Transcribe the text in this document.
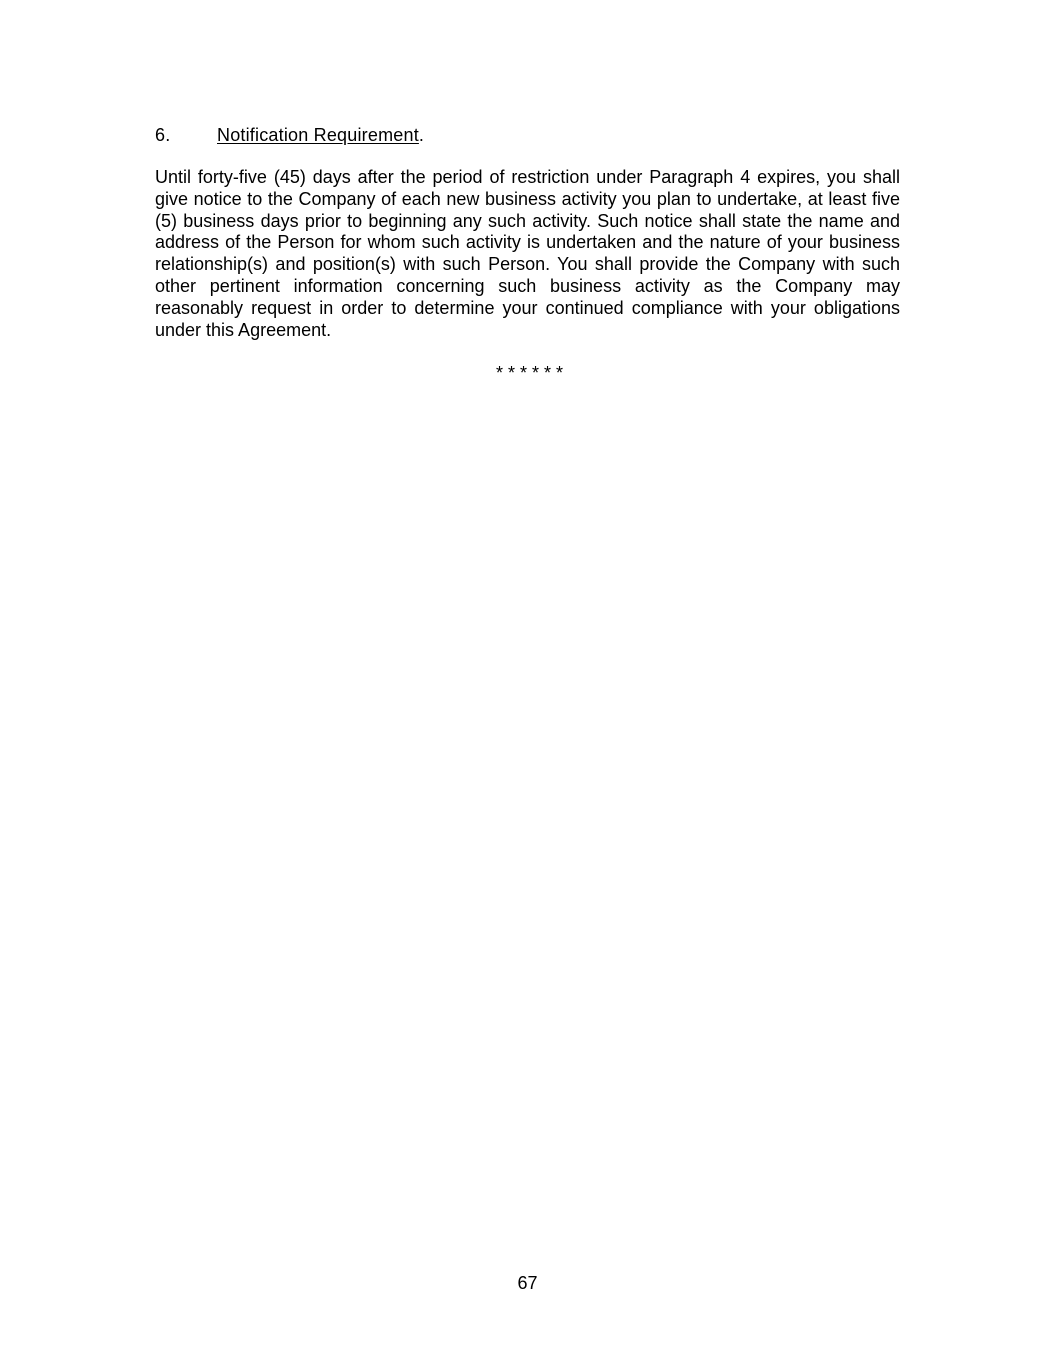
6.	Notification Requirement.

Until forty-five (45) days after the period of restriction under Paragraph 4 expires, you shall give notice to the Company of each new business activity you plan to undertake, at least five (5) business days prior to beginning any such activity. Such notice shall state the name and address of the Person for whom such activity is undertaken and the nature of your business relationship(s) and position(s) with such Person. You shall provide the Company with such other pertinent information concerning such business activity as the Company may reasonably request in order to determine your continued compliance with your obligations under this Agreement.

* * * * * *
67
